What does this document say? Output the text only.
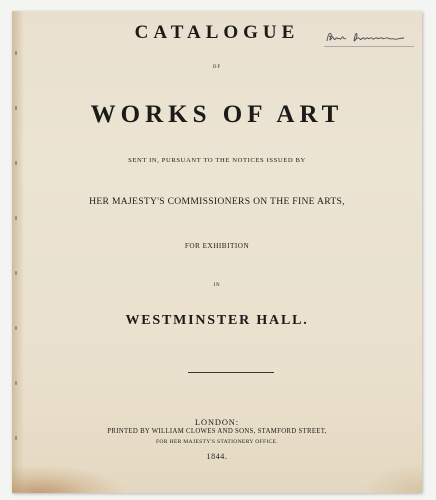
CATALOGUE
OF
WORKS OF ART
SENT IN, PURSUANT TO THE NOTICES ISSUED BY
HER MAJESTY'S COMMISSIONERS ON THE FINE ARTS,
FOR EXHIBITION
IN
WESTMINSTER HALL.
LONDON:
PRINTED BY WILLIAM CLOWES AND SONS, STAMFORD STREET,
FOR HER MAJESTY'S STATIONERY OFFICE.
1844.
